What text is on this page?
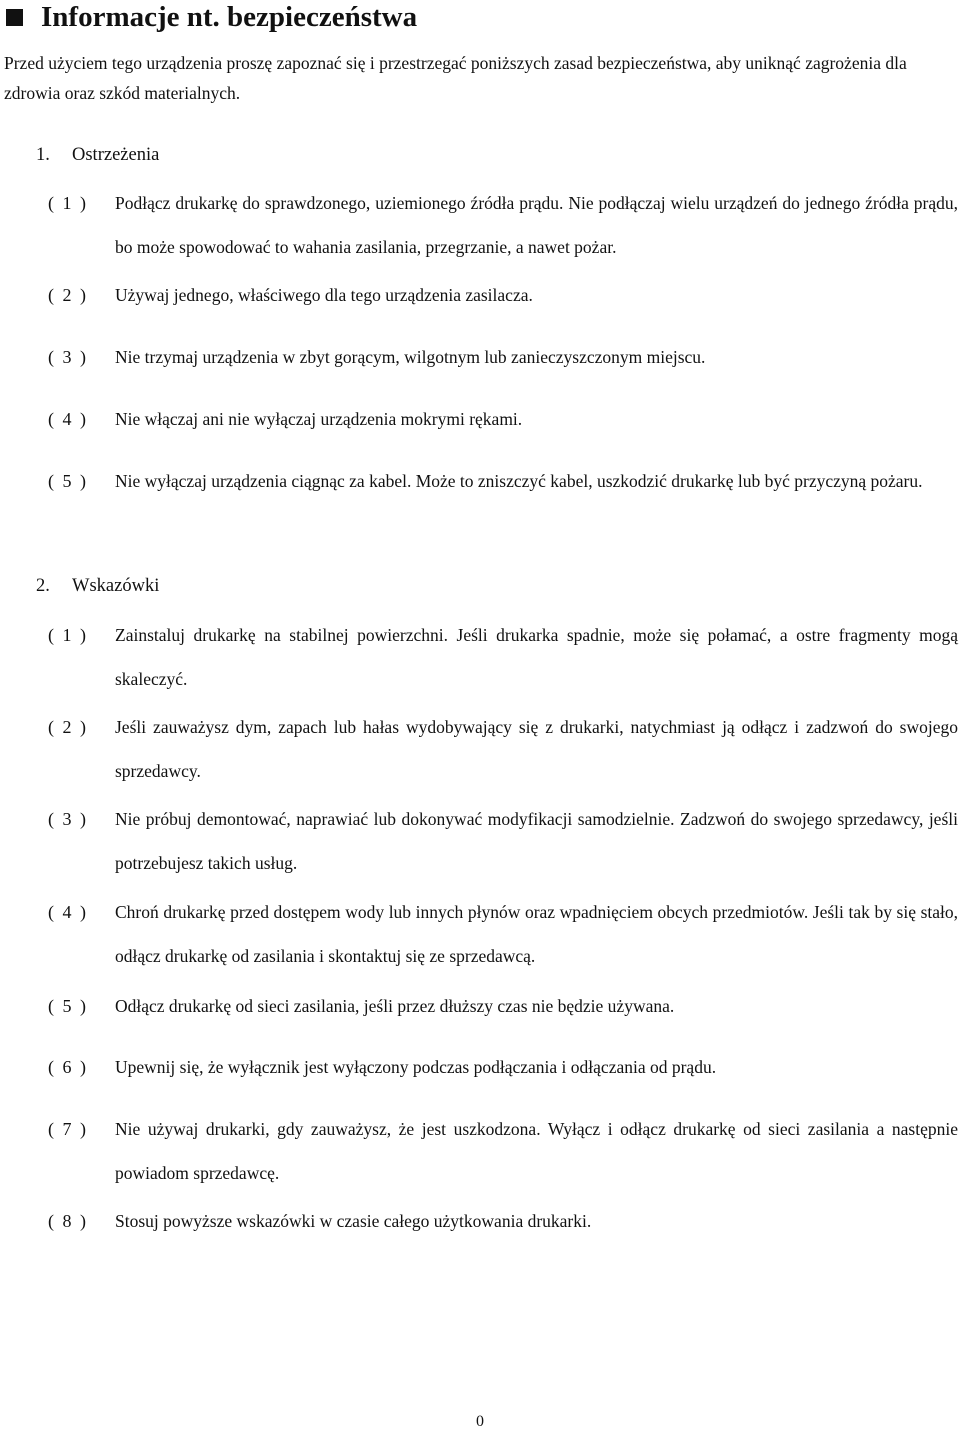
Informacje nt. bezpieczeństwa
Przed użyciem tego urządzenia proszę zapoznać się i przestrzegać poniższych zasad bezpieczeństwa, aby uniknąć zagrożenia dla zdrowia oraz szkód materialnych.
1. Ostrzeżenia
( 1 ) Podłącz drukarkę do sprawdzonego, uziemionego źródła prądu. Nie podłączaj wielu urządzeń do jednego źródła prądu, bo może spowodować to wahania zasilania, przegrzanie, a nawet pożar.
( 2 ) Używaj jednego, właściwego dla tego urządzenia zasilacza.
( 3 ) Nie trzymaj urządzenia w zbyt gorącym, wilgotnym lub zanieczyszczonym miejscu.
( 4 ) Nie włączaj ani nie wyłączaj urządzenia mokrymi rękami.
( 5 ) Nie wyłączaj urządzenia ciągnąc za kabel. Może to zniszczyć kabel, uszkodzić drukarkę lub być przyczyną pożaru.
2. Wskazówki
( 1 ) Zainstaluj drukarkę na stabilnej powierzchni. Jeśli drukarka spadnie, może się połamać, a ostre fragmenty mogą skaleczyć.
( 2 ) Jeśli zauważysz dym, zapach lub hałas wydobywający się z drukarki, natychmiast ją odłącz i zadzwoń do swojego sprzedawcy.
( 3 ) Nie próbuj demontować, naprawiać lub dokonywać modyfikacji samodzielnie. Zadzwoń do swojego sprzedawcy, jeśli potrzebujesz takich usług.
( 4 ) Chroń drukarkę przed dostępem wody lub innych płynów oraz wpadnięciem obcych przedmiotów. Jeśli tak by się stało, odłącz drukarkę od zasilania i skontaktuj się ze sprzedawcą.
( 5 ) Odłącz drukarkę od sieci zasilania, jeśli przez dłuższy czas nie będzie używana.
( 6 ) Upewnij się, że wyłącznik jest wyłączony podczas podłączania i odłączania od prądu.
( 7 ) Nie używaj drukarki, gdy zauważysz, że jest uszkodzona. Wyłącz i odłącz drukarkę od sieci zasilania a następnie powiadom sprzedawcę.
( 8 ) Stosuj powyższe wskazówki w czasie całego użytkowania drukarki.
0
